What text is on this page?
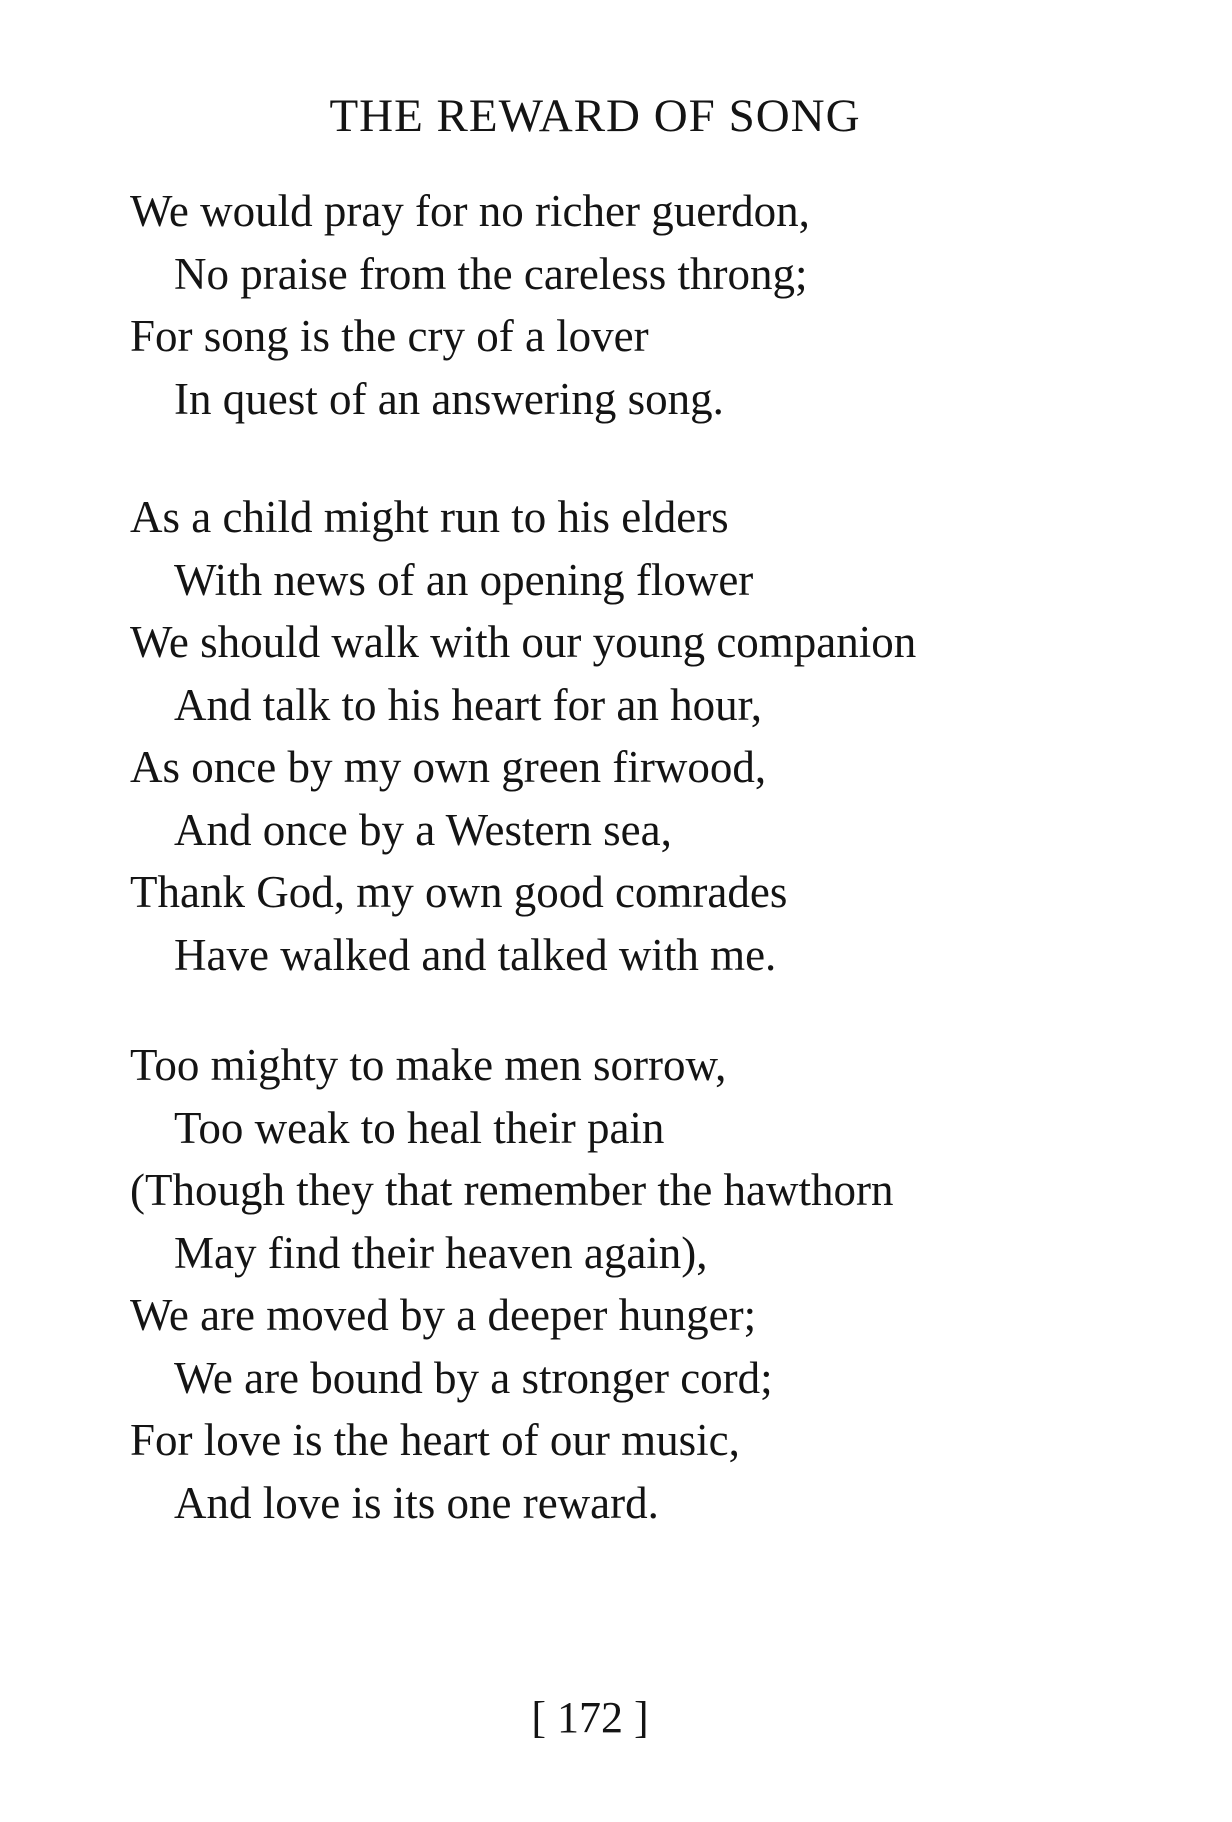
THE REWARD OF SONG
We would pray for no richer guerdon,
No praise from the careless throng;
For song is the cry of a lover
In quest of an answering song.
As a child might run to his elders
With news of an opening flower
We should walk with our young companion
And talk to his heart for an hour,
As once by my own green firwood,
And once by a Western sea,
Thank God, my own good comrades
Have walked and talked with me.
Too mighty to make men sorrow,
Too weak to heal their pain
(Though they that remember the hawthorn
May find their heaven again),
We are moved by a deeper hunger;
We are bound by a stronger cord;
For love is the heart of our music,
And love is its one reward.
[ 172 ]
